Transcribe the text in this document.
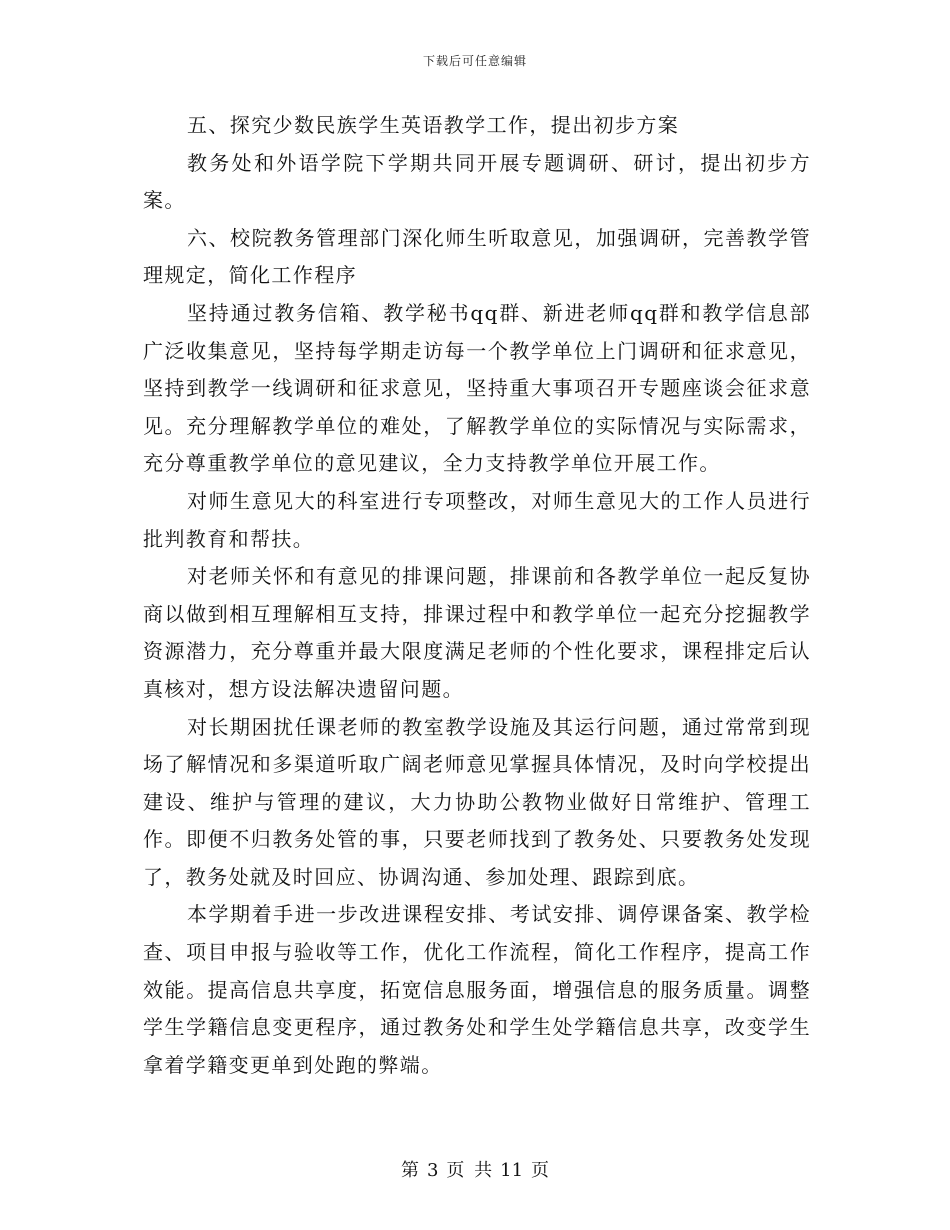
下载后可任意编辑

五、探究少数民族学生英语教学工作，提出初步方案

教务处和外语学院下学期共同开展专题调研、研讨，提出初步方案。

六、校院教务管理部门深化师生听取意见，加强调研，完善教学管理规定，简化工作程序

坚持通过教务信箱、教学秘书qq群、新进老师qq群和教学信息部广泛收集意见，坚持每学期走访每一个教学单位上门调研和征求意见，坚持到教学一线调研和征求意见，坚持重大事项召开专题座谈会征求意见。充分理解教学单位的难处，了解教学单位的实际情况与实际需求，充分尊重教学单位的意见建议，全力支持教学单位开展工作。

对师生意见大的科室进行专项整改，对师生意见大的工作人员进行批判教育和帮扶。

对老师关怀和有意见的排课问题，排课前和各教学单位一起反复协商以做到相互理解相互支持，排课过程中和教学单位一起充分挖掘教学资源潜力，充分尊重并最大限度满足老师的个性化要求，课程排定后认真核对，想方设法解决遗留问题。

对长期困扰任课老师的教室教学设施及其运行问题，通过常常到现场了解情况和多渠道听取广阔老师意见掌握具体情况，及时向学校提出建设、维护与管理的建议，大力协助公教物业做好日常维护、管理工作。即便不归教务处管的事，只要老师找到了教务处、只要教务处发现了，教务处就及时回应、协调沟通、参加处理、跟踪到底。

本学期着手进一步改进课程安排、考试安排、调停课备案、教学检查、项目申报与验收等工作，优化工作流程，简化工作程序，提高工作效能。提高信息共享度，拓宽信息服务面，增强信息的服务质量。调整学生学籍信息变更程序，通过教务处和学生处学籍信息共享，改变学生拿着学籍变更单到处跑的弊端。

第 3 页 共 11 页
